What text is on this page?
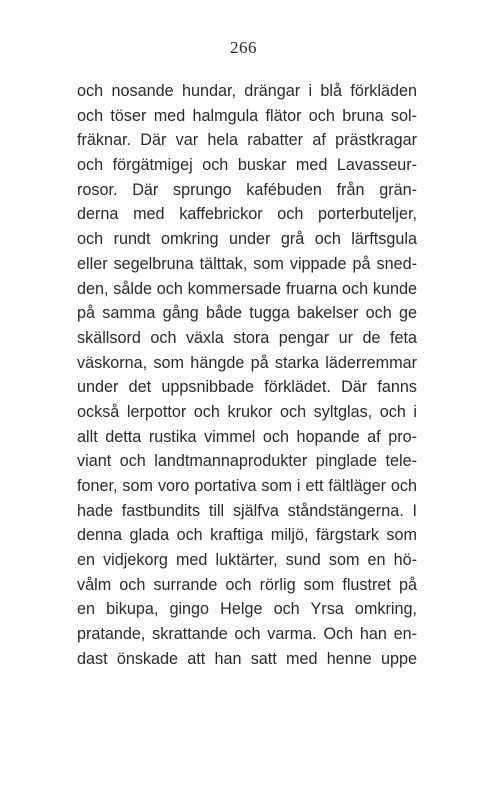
266
och nosande hundar, drängar i blå förkläden
och töser med halmgula flätor och bruna sol-
fräknar. Där var hela rabatter af prästkragar
och förgätmigej och buskar med Lavasseur-
rosor. Där sprungo kafébuden från grän-
derna med kaffebrickor och porterbuteljer,
och rundt omkring under grå och lärftsgula
eller segelbruna tälttak, som vippade på sned-
den, sålde och kommersade fruarna och kunde
på samma gång både tugga bakelser och ge
skällsord och växla stora pengar ur de feta
väskorna, som hängde på starka läderremmar
under det uppsnibbade förklädet. Där fanns
också lerpottor och krukor och syltglas, och i
allt detta rustika vimmel och hopande af pro-
viant och landtmannaprodukter pinglade tele-
foner, som voro portativa som i ett fältläger och
hade fastbundits till själfva ståndstängerna. I
denna glada och kraftiga miljö, färgstark som
en vidjekorg med luktärter, sund som en hö-
vålm och surrande och rörlig som flustret på
en bikupa, gingo Helge och Yrsa omkring,
pratande, skrattande och varma. Och han en-
dast önskade att han satt med henne uppe
